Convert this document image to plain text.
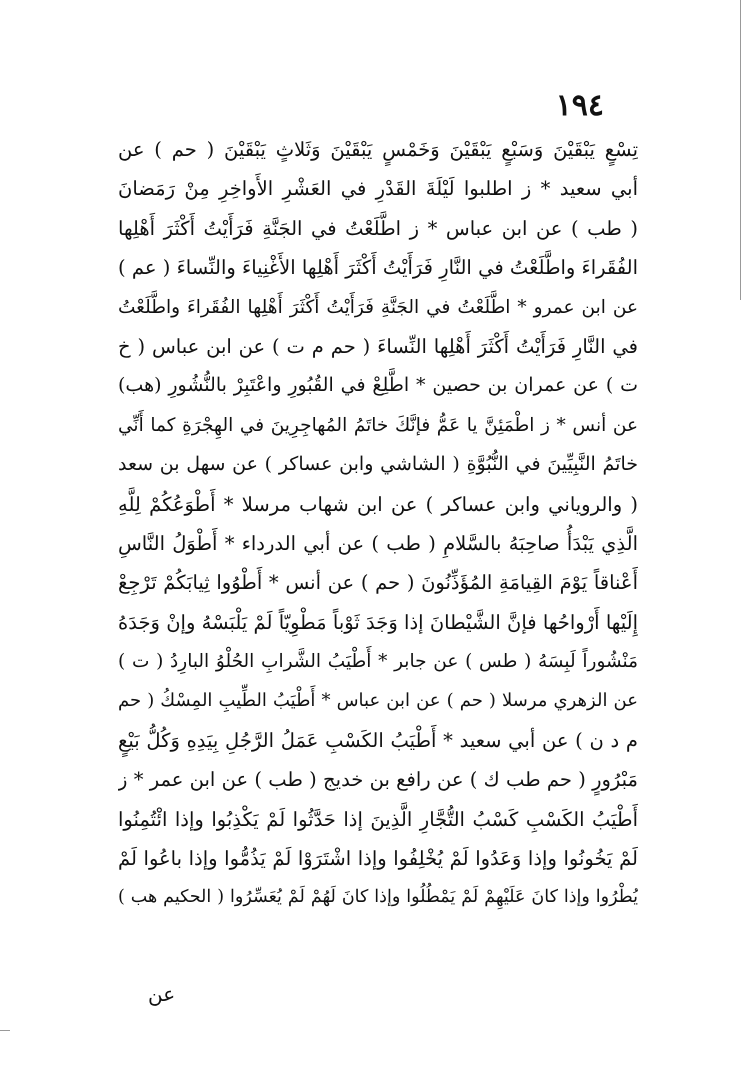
١٩٤
تِسْعٍ يَبْقَيْنَ وَسَبْعٍ يَبْقَيْنَ وَخَمْسٍ يَبْقَيْنَ وَثَلاثٍ يَبْقَيْنَ ( حم ) عن
أبي سعيد * ز اطلبوا لَيْلَةَ القَدْرِ في العَشْرِ الأَواخِرِ مِنْ رَمَضانَ
( طب ) عن ابن عباس * ز اطَّلَعْتُ في الجَنَّةِ فَرَأَيْتُ أَكْثَرَ أَهْلِها
الفُقَراءَ واطَّلَعْتُ في النَّارِ فَرَأَيْتُ أَكْثَرَ أَهْلِها الأَغْنِياءَ والنِّساءَ ( عم )
عن ابن عمرو * اطَّلَعْتُ في الجَنَّةِ فَرَأَيْتُ أَكْثَرَ أَهْلِها الفُقَراءَ واطَّلَعْتُ
في النَّارِ فَرَأَيْتُ أَكْثَرَ أَهْلِها النِّساءَ ( حم م ت ) عن ابن عباس ( خ
ت ) عن عمران بن حصين * اطَّلِعْ في القُبُورِ واعْتَبِرْ بالنُّشُورِ (هب)
عن أنس * ز اطْمَئِنَّ يا عَمُّ فإنَّكَ خاتَمُ المُهاجِرِينَ في الهِجْرَةِ كما أَنِّي
خاتَمُ النَّبِيِّينَ في النُّبُوَّةِ ( الشاشي وابن عساكر ) عن سهل بن سعد
( والروياني وابن عساكر ) عن ابن شهاب مرسلا * أَطْوَعُكُمْ لِلَّهِ
الَّذِي يَبْدَأُ صاحِبَهُ بالسَّلامِ ( طب ) عن أبي الدرداء * أَطْوَلُ النَّاسِ
أَعْناقاً يَوْمَ القِيامَةِ المُؤَذِّنُونَ ( حم ) عن أنس * أَطْوُوا ثِيابَكُمْ تَرْجِعْ
إِلَيْها أَرْواحُها فإنَّ الشَّيْطانَ إذا وَجَدَ ثَوْباً مَطْوِيّاً لَمْ يَلْبَسْهُ وإنْ وَجَدَهُ
مَنْشُوراً لَبِسَهُ ( طس ) عن جابر * أَطْيَبُ الشَّرابِ الحُلْوُ البارِدُ ( ت )
عن الزهري مرسلا ( حم ) عن ابن عباس * أَطْيَبُ الطِّيبِ المِسْكُ ( حم
م د ن ) عن أبي سعيد * أَطْيَبُ الكَسْبِ عَمَلُ الرَّجُلِ بِيَدِهِ وَكُلُّ بَيْعٍ
مَبْرُورٍ ( حم طب ك ) عن رافع بن خديج ( طب ) عن ابن عمر * ز
أَطْيَبُ الكَسْبِ كَسْبُ التُّجَّارِ الَّذِينَ إذا حَدَّثُوا لَمْ يَكْذِبُوا وإذا ائْتُمِنُوا
لَمْ يَخُونُوا وإذا وَعَدُوا لَمْ يُخْلِفُوا وإذا اشْتَرَوْا لَمْ يَذُمُّوا وإذا باعُوا لَمْ
يُطْرُوا وإذا كانَ عَلَيْهِمْ لَمْ يَمْطُلُوا وإذا كانَ لَهُمْ لَمْ يُعَسِّرُوا ( الحكيم هب )
عن
